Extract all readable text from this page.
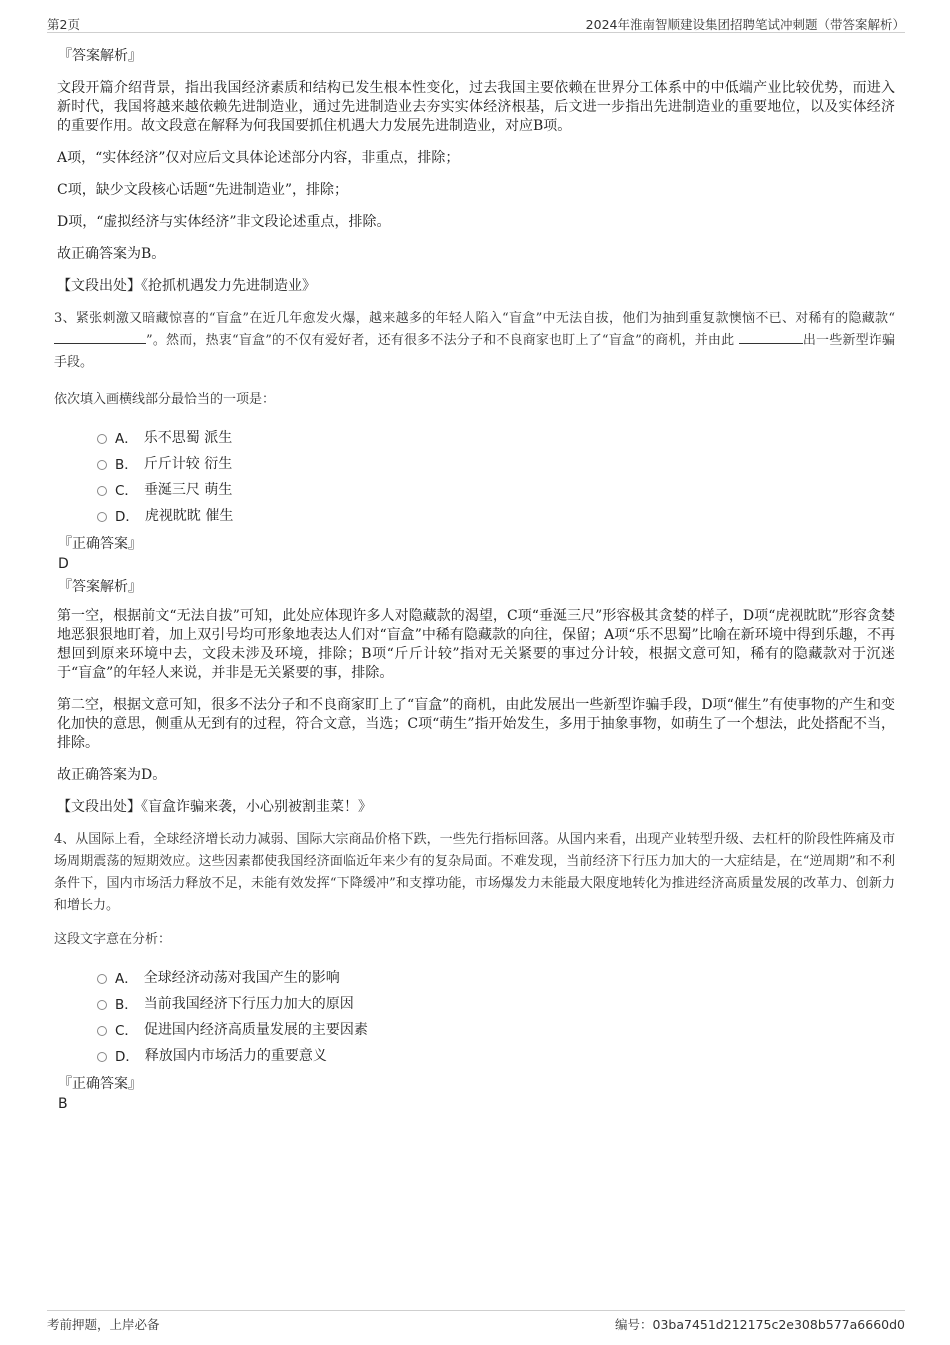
第2页	2024年淮南智顺建设集团招聘笔试冲刺题（带答案解析）
『答案解析』
文段开篇介绍背景，指出我国经济素质和结构已发生根本性变化，过去我国主要依赖在世界分工体系中的中低端产业比较优势，而进入新时代，我国将越来越依赖先进制造业，通过先进制造业去夯实实体经济根基，后文进一步指出先进制造业的重要地位，以及实体经济的重要作用。故文段意在解释为何我国要抓住机遇大力发展先进制造业，对应B项。
A项，“实体经济”仅对应后文具体论述部分内容，非重点，排除；
C项，缺少文段核心话题“先进制造业”，排除；
D项，“虚拟经济与实体经济”非文段论述重点，排除。
故正确答案为B。
【文段出处】《抢抓机遇发力先进制造业》
3、紧张刺激又暗藏惊喜的“盲盒”在近几年愈发火爆，越来越多的年轻人陷入“盲盒”中无法自拔，他们为抽到重复款懊恼不已、对稀有的隐藏款“”。然而，热衷“盲盒”的不仅有爱好者，还有很多不法分子和不良商家也盯上了“盲盒”的商机，并由此	出一些新型诈骗手段。
依次填入画横线部分最恰当的一项是：
A． 乐不思蜀 派生
B． 斤斤计较 衍生
C． 垂涎三尺 萌生
D． 虎视眈眈 催生
『正确答案』
D
『答案解析』
第一空，根据前文“无法自拔”可知，此处应体现许多人对隐藏款的渴望，C项“垂涎三尺”形容极其贪婪的样子，D项“虎视眈眈”形容贪婪地恶狠狠地盯着，加上双引号均可形象地表达人们对“盲盒”中稀有隐藏款的向往，保留；A项“乐不思蜀”比喻在新环境中得到乐趣，不再想回到原来环境中去，文段未涉及环境，排除；B项“斤斤计较”指对无关紧要的事过分计较，根据文意可知，稀有的隐藏款对于沉迷于“盲盒”的年轻人来说，并非是无关紧要的事，排除。
第二空，根据文意可知，很多不法分子和不良商家盯上了“盲盒”的商机，由此发展出一些新型诈骗手段，D项“催生”有使事物的产生和变化加快的意思，侧重从无到有的过程，符合文意，当选；C项“萌生”指开始发生，多用于抽象事物，如萌生了一个想法，此处搭配不当，排除。
故正确答案为D。
【文段出处】《盲盒诈骗来袭，小心别被割韭菜！》
4、从国际上看，全球经济增长动力减弱、国际大宗商品价格下跌，一些先行指标回落。从国内来看，出现产业转型升级、去杠杆的阶段性阵痛及市场周期震荡的短期效应。这些因素都使我国经济面临近年来少有的复杂局面。不难发现，当前经济下行压力加大的一大症结是，在“逆周期”和不利条件下，国内市场活力释放不足，未能有效发挥“下降缓冲”和支撑功能，市场爆发力未能最大限度地转化为推进经济高质量发展的改革力、创新力和增长力。
这段文字意在分析：
A． 全球经济动荡对我国产生的影响
B． 当前我国经济下行压力加大的原因
C． 促进国内经济高质量发展的主要因素
D． 释放国内市场活力的重要意义
『正确答案』
B
考前押题，上岸必备	编号：03ba7451d212175c2e308b577a6660d0
